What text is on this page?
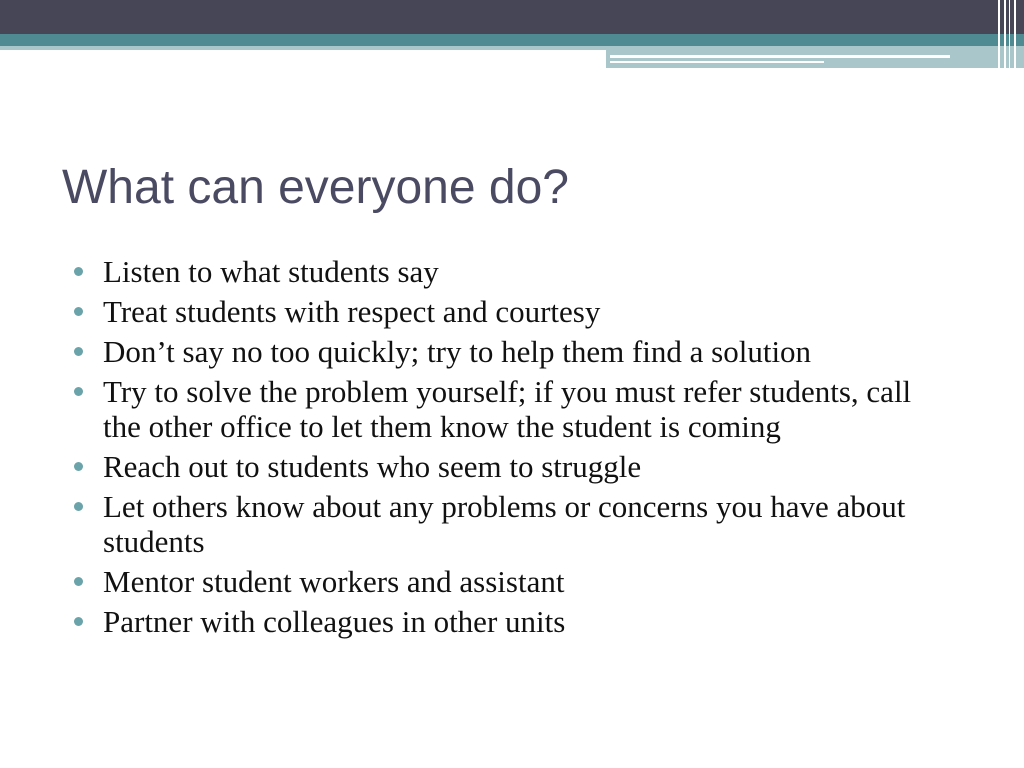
What can everyone do?
Listen to what students say
Treat students with respect and courtesy
Don’t say no too quickly; try to help them find a solution
Try to solve the problem yourself; if you must refer students, call the other office to let them know the student is coming
Reach out to students who seem to struggle
Let others know about any problems or concerns you have about students
Mentor student workers and assistant
Partner with colleagues in other units
